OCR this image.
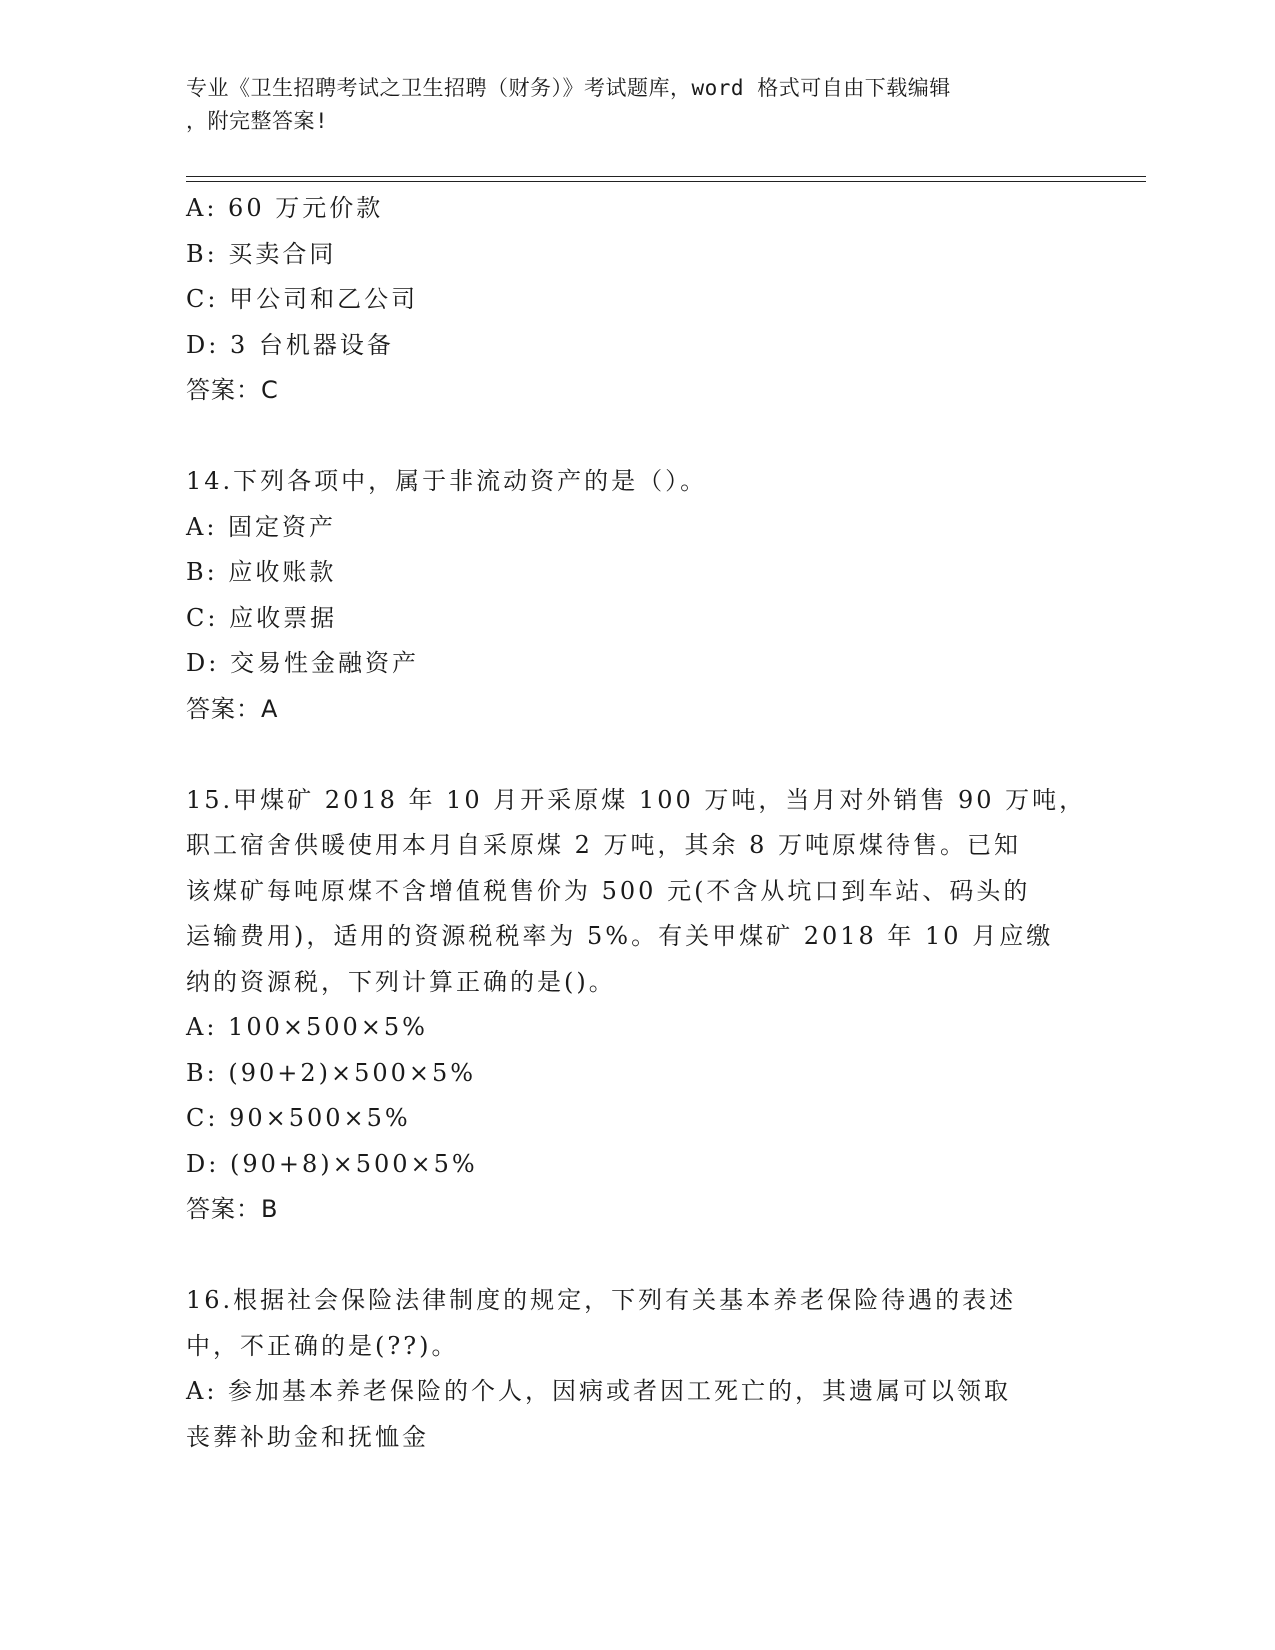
专业《卫生招聘考试之卫生招聘（财务）》考试题库，word 格式可自由下载编辑
，附完整答案!
A: 60 万元价款
B: 买卖合同
C: 甲公司和乙公司
D: 3 台机器设备
答案：C
14.下列各项中，属于非流动资产的是（）。
A: 固定资产
B: 应收账款
C: 应收票据
D: 交易性金融资产
答案：A
15.甲煤矿 2018 年 10 月开采原煤 100 万吨，当月对外销售 90 万吨，
职工宿舍供暖使用本月自采原煤 2 万吨，其余 8 万吨原煤待售。已知
该煤矿每吨原煤不含增值税售价为 500 元(不含从坑口到车站、码头的
运输费用)，适用的资源税税率为 5%。有关甲煤矿 2018 年 10 月应缴
纳的资源税，下列计算正确的是()。
A: 100×500×5%
B: (90+2)×500×5%
C: 90×500×5%
D: (90+8)×500×5%
答案：B
16.根据社会保险法律制度的规定，下列有关基本养老保险待遇的表述
中，不正确的是(??)。
A: 参加基本养老保险的个人，因病或者因工死亡的，其遗属可以领取
丧葬补助金和抚恤金
